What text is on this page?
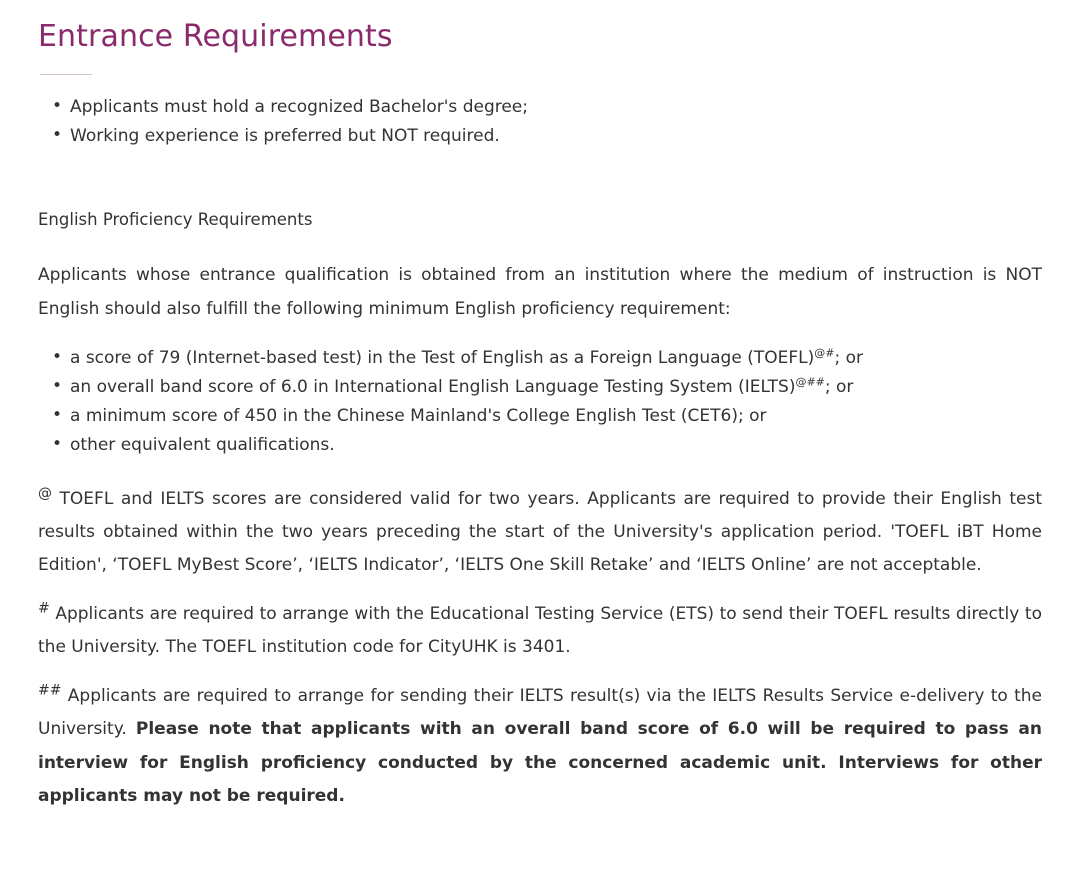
Entrance Requirements
• Applicants must hold a recognized Bachelor's degree;
• Working experience is preferred but NOT required.
English Proficiency Requirements

Applicants whose entrance qualification is obtained from an institution where the medium of instruction is NOT English should also fulfill the following minimum English proficiency requirement:

• a score of 79 (Internet-based test) in the Test of English as a Foreign Language (TOEFL)@#; or
• an overall band score of 6.0 in International English Language Testing System (IELTS)@##; or
• a minimum score of 450 in the Chinese Mainland's College English Test (CET6); or
• other equivalent qualifications.

@ TOEFL and IELTS scores are considered valid for two years. Applicants are required to provide their English test results obtained within the two years preceding the start of the University's application period. 'TOEFL iBT Home Edition', ‘TOEFL MyBest Score’, ‘IELTS Indicator’, ‘IELTS One Skill Retake’ and ‘IELTS Online’ are not acceptable.

# Applicants are required to arrange with the Educational Testing Service (ETS) to send their TOEFL results directly to the University. The TOEFL institution code for CityUHK is 3401.

## Applicants are required to arrange for sending their IELTS result(s) via the IELTS Results Service e-delivery to the University. Please note that applicants with an overall band score of 6.0 will be required to pass an interview for English proficiency conducted by the concerned academic unit. Interviews for other applicants may not be required.
